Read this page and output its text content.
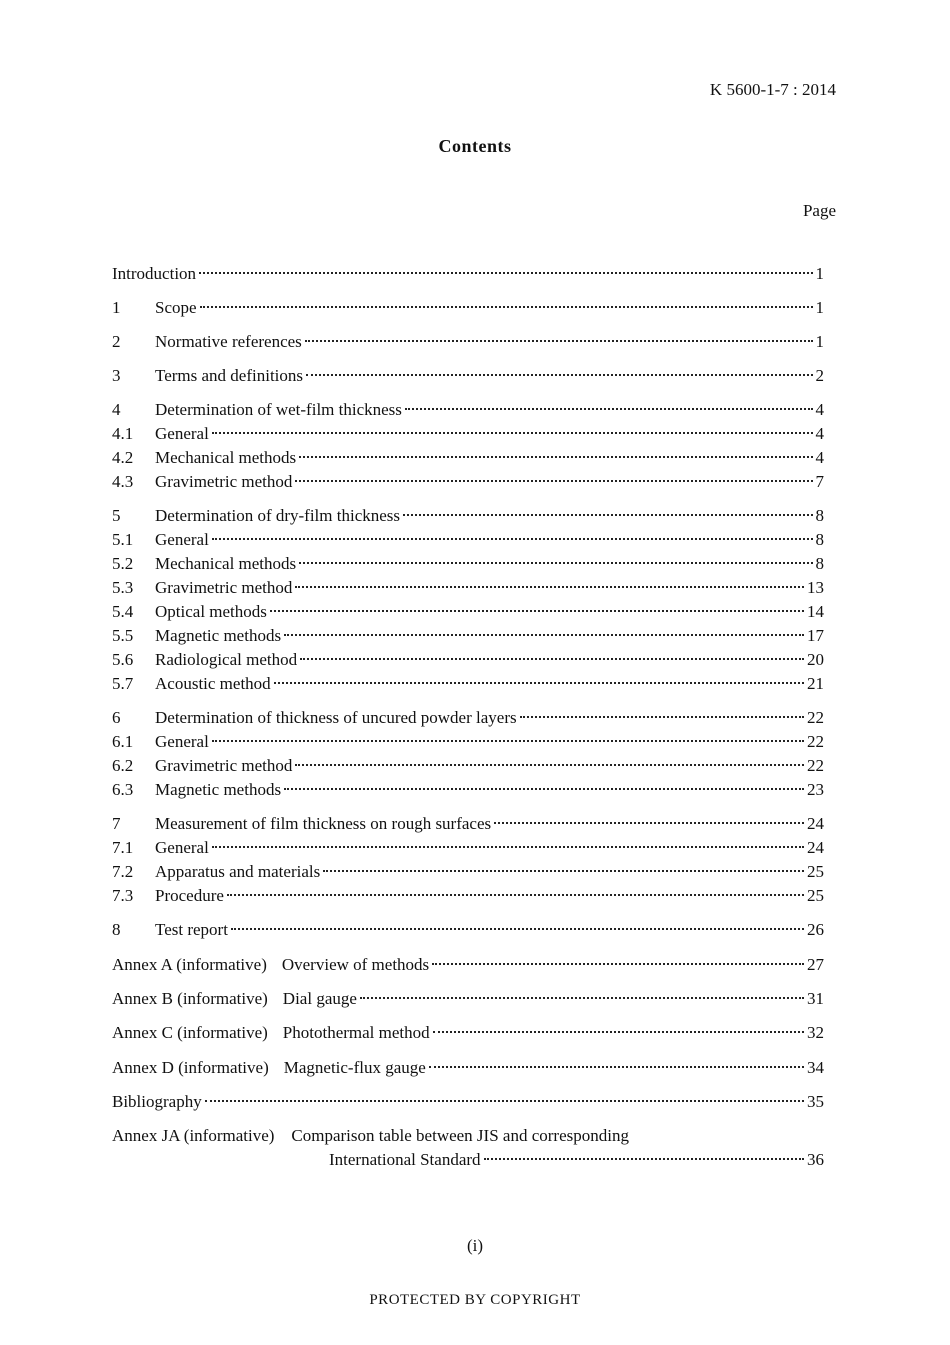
K 5600-1-7 : 2014
Contents
Page
Introduction	1
1	Scope	1
2	Normative references	1
3	Terms and definitions	2
4	Determination of wet-film thickness	4
4.1	General	4
4.2	Mechanical methods	4
4.3	Gravimetric method	7
5	Determination of dry-film thickness	8
5.1	General	8
5.2	Mechanical methods	8
5.3	Gravimetric method	13
5.4	Optical methods	14
5.5	Magnetic methods	17
5.6	Radiological method	20
5.7	Acoustic method	21
6	Determination of thickness of uncured powder layers	22
6.1	General	22
6.2	Gravimetric method	22
6.3	Magnetic methods	23
7	Measurement of film thickness on rough surfaces	24
7.1	General	24
7.2	Apparatus and materials	25
7.3	Procedure	25
8	Test report	26
Annex A (informative) Overview of methods	27
Annex B (informative) Dial gauge	31
Annex C (informative) Photothermal method	32
Annex D (informative) Magnetic-flux gauge	34
Bibliography	35
Annex JA (informative) Comparison table between JIS and corresponding
International Standard	36
(i)
PROTECTED BY COPYRIGHT
